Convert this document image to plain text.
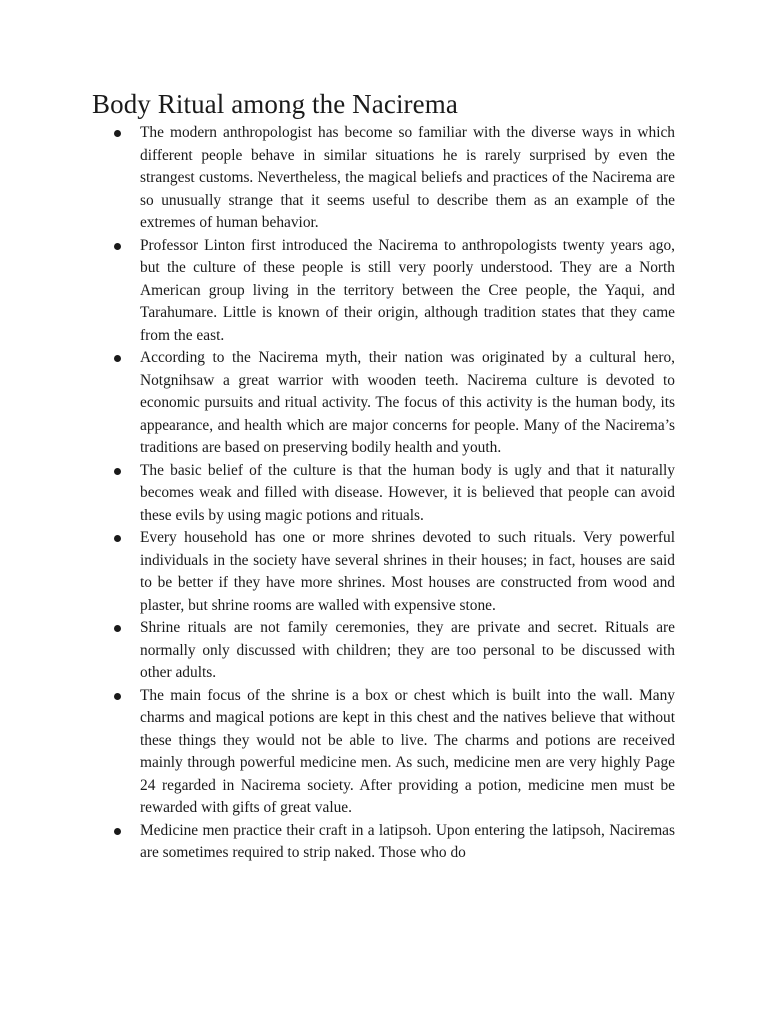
Body Ritual among the Nacirema
The modern anthropologist has become so familiar with the diverse ways in which different people behave in similar situations he is rarely surprised by even the strangest customs. Nevertheless, the magical beliefs and practices of the Nacirema are so unusually strange that it seems useful to describe them as an example of the extremes of human behavior.
Professor Linton first introduced the Nacirema to anthropologists twenty years ago, but the culture of these people is still very poorly understood. They are a North American group living in the territory between the Cree people, the Yaqui, and Tarahumare. Little is known of their origin, although tradition states that they came from the east.
According to the Nacirema myth, their nation was originated by a cultural hero, Notgnihsaw a great warrior with wooden teeth. Nacirema culture is devoted to economic pursuits and ritual activity. The focus of this activity is the human body, its appearance, and health which are major concerns for people. Many of the Nacirema’s traditions are based on preserving bodily health and youth.
The basic belief of the culture is that the human body is ugly and that it naturally becomes weak and filled with disease. However, it is believed that people can avoid these evils by using magic potions and rituals.
Every household has one or more shrines devoted to such rituals. Very powerful individuals in the society have several shrines in their houses; in fact, houses are said to be better if they have more shrines. Most houses are constructed from wood and plaster, but shrine rooms are walled with expensive stone.
Shrine rituals are not family ceremonies, they are private and secret. Rituals are normally only discussed with children; they are too personal to be discussed with other adults.
The main focus of the shrine is a box or chest which is built into the wall. Many charms and magical potions are kept in this chest and the natives believe that without these things they would not be able to live. The charms and potions are received mainly through powerful medicine men. As such, medicine men are very highly Page 24 regarded in Nacirema society. After providing a potion, medicine men must be rewarded with gifts of great value.
Medicine men practice their craft in a latipsoh. Upon entering the latipsoh, Naciremas are sometimes required to strip naked. Those who do
